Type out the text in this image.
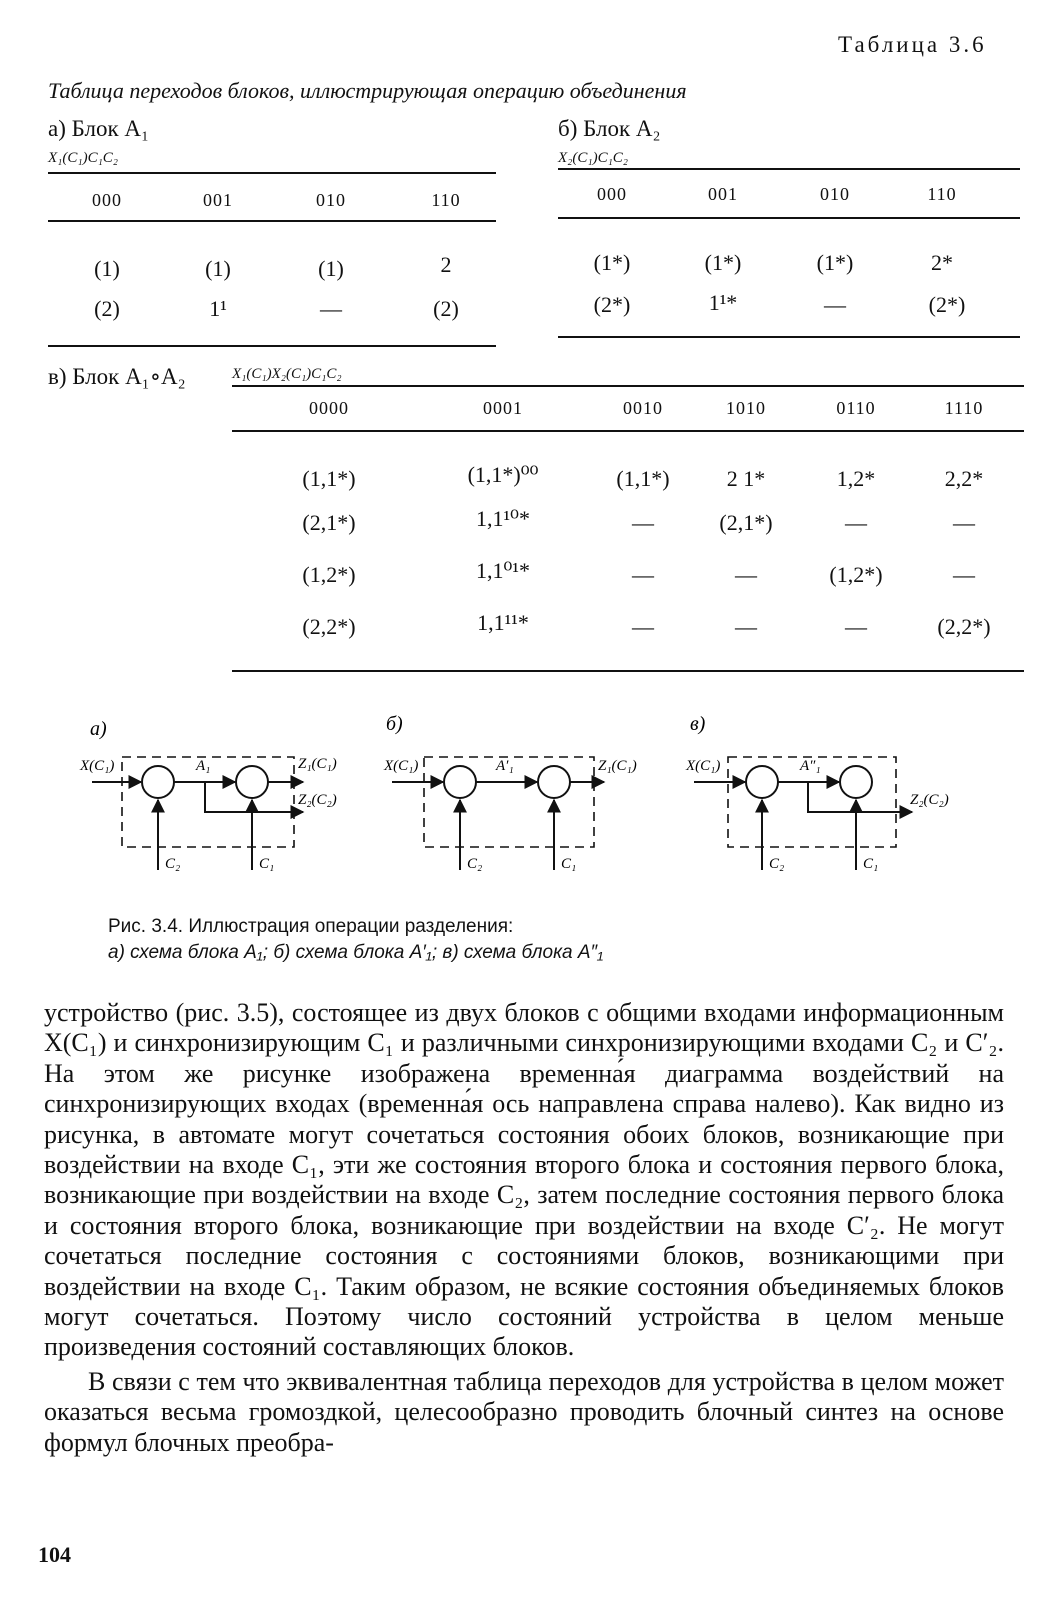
Таблица 3.6
Таблица переходов блоков, иллюстрирующая операцию объединения
а) Блок A₁
X₁(C₁)C₁C₂
000	001	010	110
(1)	(1)	(1)	2
(2)	1¹	—	(2)
б) Блок A₂
X₂(C₁)C₁C₂
000	001	010	110
(1*)	(1*)	(1*)	2*
(2*)	1¹*	—	(2*)
в) Блок A₁∘A₂	X₁(C₁)X₂(C₁)C₁C₂
0000	0001	0010	1010	0110	1110
(1,1*)	(1,1*)⁰⁰	(1,1*)	2 1*	1,2*	2,2*
(2,1*)	1,1¹⁰*	—	(2,1*)	—	—
(1,2*)	1,1⁰¹*	—	—	(1,2*)	—
(2,2*)	1,1¹¹*	—	—	—	(2,2*)
а)
X(C₁)	A₁	Z₁(C₁)
Z₂(C₂)
C₂	C₁
б)
X(C₁)	A′₁	Z₁(C₁)
C₂	C₁
в)
X(C₁)	A″₁
Z₂(C₂)
C₂	C₁
Рис. 3.4. Иллюстрация операции разделения:
а) схема блока A₁; б) схема блока A′₁; в) схема блока A″₁

устройство (рис. 3.5), состоящее из двух блоков с общими входами информационным X(C₁) и синхронизирующим C₁ и различными синхронизирующими входами C₂ и C′₂. На этом же рисунке изображена временна́я диаграмма воздействий на синхронизирующих входах (временна́я ось направлена справа налево). Как видно из рисунка, в автомате могут сочетаться состояния обоих блоков, возникающие при воздействии на входе C₁, эти же состояния второго блока и состояния первого блока, возникающие при воздействии на входе C₂, затем последние состояния первого блока и состояния второго блока, возникающие при воздействии на входе C′₂. Не могут сочетаться последние состояния с состояниями блоков, возникающими при воздействии на входе C₁. Таким образом, не всякие состояния объединяемых блоков могут сочетаться. Поэтому число состояний устройства в целом меньше произведения состояний составляющих блоков.

В связи с тем что эквивалентная таблица переходов для устройства в целом может оказаться весьма громоздкой, целесообразно проводить блочный синтез на основе формул блочных преобра-

104
